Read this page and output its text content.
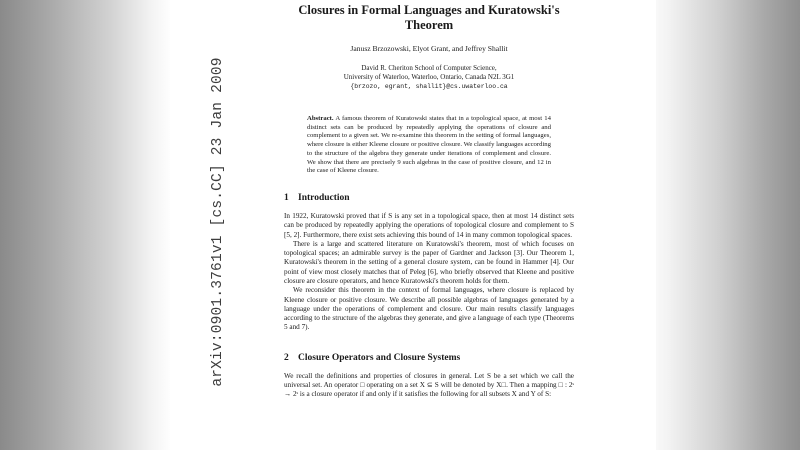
arXiv:0901.3761v1 [cs.CC] 23 Jan 2009
Closures in Formal Languages and Kuratowski's Theorem
Janusz Brzozowski, Elyot Grant, and Jeffrey Shallit
David R. Cheriton School of Computer Science,
University of Waterloo, Waterloo, Ontario, Canada N2L 3G1
{brzozo, egrant, shallit}@cs.uwaterloo.ca
Abstract. A famous theorem of Kuratowski states that in a topological space, at most 14 distinct sets can be produced by repeatedly applying the operations of closure and complement to a given set. We re-examine this theorem in the setting of formal languages, where closure is either Kleene closure or positive closure. We classify languages according to the structure of the algebra they generate under iterations of complement and closure. We show that there are precisely 9 such algebras in the case of positive closure, and 12 in the case of Kleene closure.
1 Introduction

In 1922, Kuratowski proved that if S is any set in a topological space, then at most 14 distinct sets can be produced by repeatedly applying the operations of topological closure and complement to S [5, 2]. Furthermore, there exist sets achieving this bound of 14 in many common topological spaces.

There is a large and scattered literature on Kuratowski's theorem, most of which focuses on topological spaces; an admirable survey is the paper of Gardner and Jackson [3]. Our Theorem 1, Kuratowski's theorem in the setting of a general closure system, can be found in Hammer [4]. Our point of view most closely matches that of Peleg [6], who briefly observed that Kleene and positive closure are closure operators, and hence Kuratowski's theorem holds for them.

We reconsider this theorem in the context of formal languages, where closure is replaced by Kleene closure or positive closure. We describe all possible algebras of languages generated by a language under the operations of complement and closure. Our main results classify languages according to the structure of the algebras they generate, and give a language of each type (Theorems 5 and 7).

2 Closure Operators and Closure Systems

We recall the definitions and properties of closures in general. Let S be a set which we call the universal set. An operator □ operating on a set X ⊆ S will be denoted by X□. Then a mapping □ : 2ˢ → 2ˢ is a closure operator if and only if it satisfies the following for all subsets X and Y of S:
